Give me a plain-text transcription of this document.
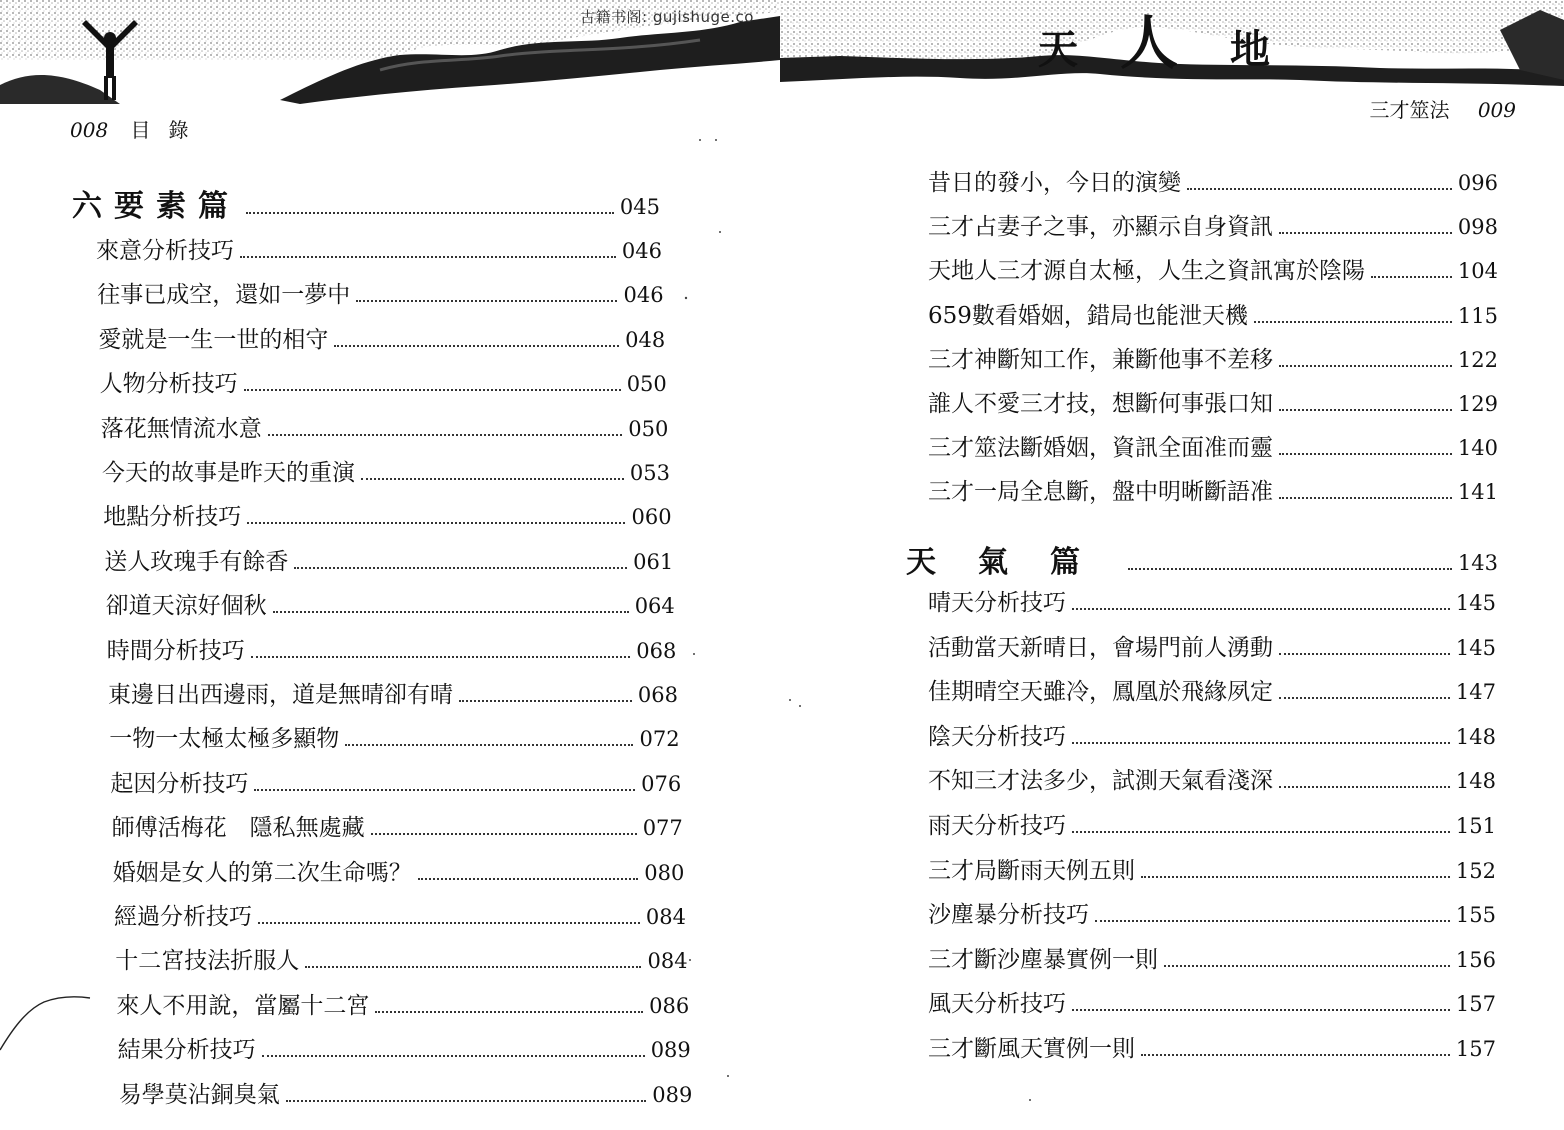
008 目錄
六要素篇	045
來意分析技巧	046
往事已成空，還如一夢中	046
愛就是一生一世的相守	048
人物分析技巧	050
落花無情流水意	050
今天的故事是昨天的重演	053
地點分析技巧	060
送人玫瑰手有餘香	061
卻道天涼好個秋	064
時間分析技巧	068
東邊日出西邊雨，道是無晴卻有晴	068
一物一太極太極多顯物	072
起因分析技巧	076
師傅活梅花　隱私無處藏	077
婚姻是女人的第二次生命嗎？	080
經過分析技巧	084
十二宮技法折服人	084
來人不用說，當屬十二宮	086
結果分析技巧	089
易學莫沾銅臭氣	089
天 人 地
三才筮法 009
昔日的發小，今日的演變	096
三才占妻子之事，亦顯示自身資訊	098
天地人三才源自太極，人生之資訊寓於陰陽	104
659數看婚姻，錯局也能泄天機	115
三才神斷知工作，兼斷他事不差移	122
誰人不愛三才技，想斷何事張口知	129
三才筮法斷婚姻，資訊全面准而靈	140
三才一局全息斷，盤中明晰斷語准	141
天氣篇	143
晴天分析技巧	145
活動當天新晴日，會場門前人湧動	145
佳期晴空天雖冷，鳳凰於飛緣夙定	147
陰天分析技巧	148
不知三才法多少，試測天氣看淺深	148
雨天分析技巧	151
三才局斷雨天例五則	152
沙塵暴分析技巧	155
三才斷沙塵暴實例一則	156
風天分析技巧	157
三才斷風天實例一則	157
古籍书阁: gujishuge.co
